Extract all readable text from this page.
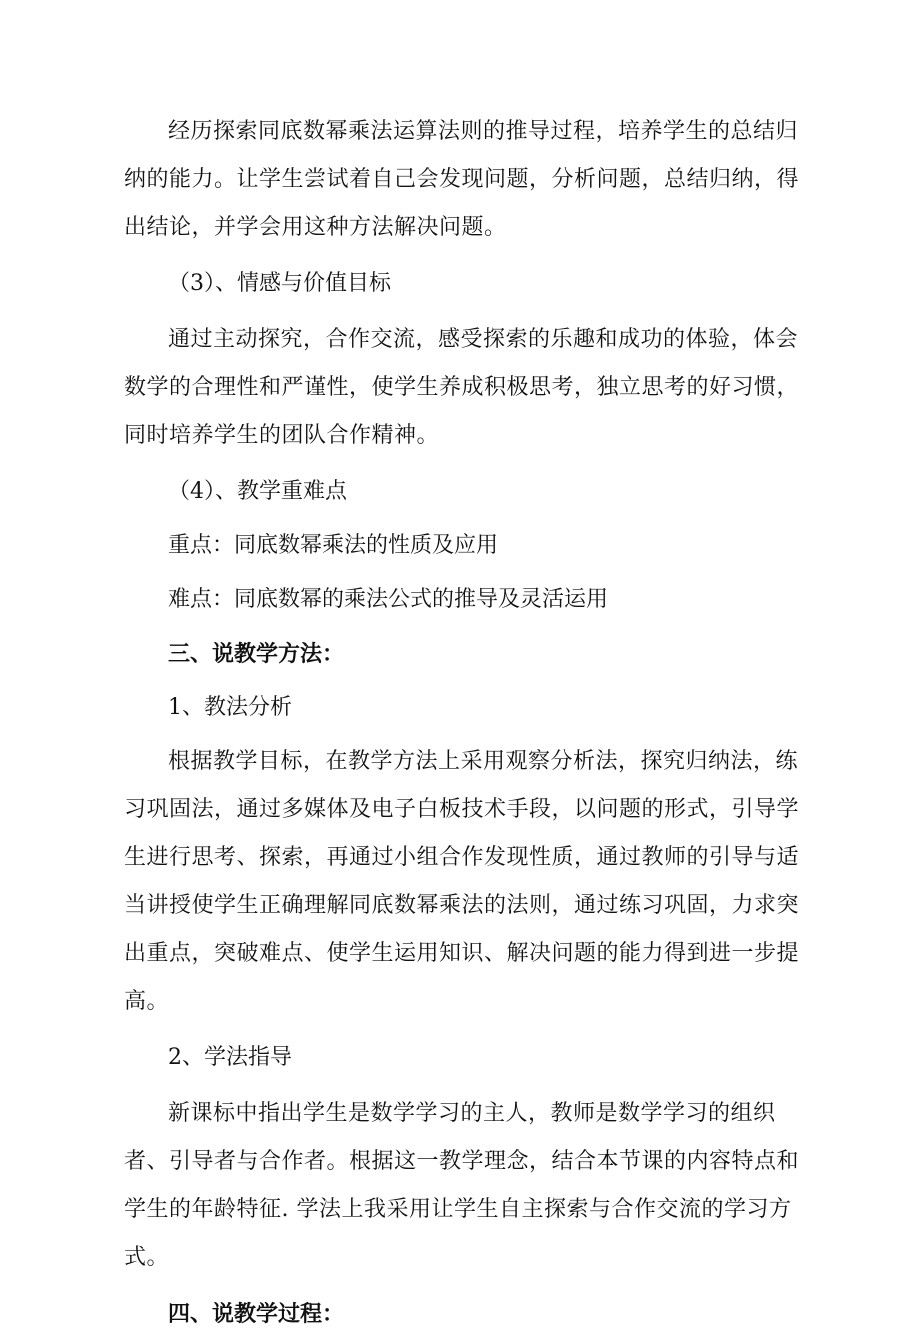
经历探索同底数幂乘法运算法则的推导过程，培养学生的总结归纳的能力。让学生尝试着自己会发现问题，分析问题，总结归纳，得出结论，并学会用这种方法解决问题。

（3）、情感与价值目标

通过主动探究，合作交流，感受探索的乐趣和成功的体验，体会数学的合理性和严谨性，使学生养成积极思考，独立思考的好习惯，同时培养学生的团队合作精神。

（4）、教学重难点

重点：同底数幂乘法的性质及应用

难点：同底数幂的乘法公式的推导及灵活运用

三、说教学方法：

1、教法分析

根据教学目标，在教学方法上采用观察分析法，探究归纳法，练习巩固法，通过多媒体及电子白板技术手段，以问题的形式，引导学生进行思考、探索，再通过小组合作发现性质，通过教师的引导与适当讲授使学生正确理解同底数幂乘法的法则，通过练习巩固，力求突出重点，突破难点、使学生运用知识、解决问题的能力得到进一步提高。

2、学法指导

新课标中指出学生是数学学习的主人，教师是数学学习的组织者、引导者与合作者。根据这一教学理念，结合本节课的内容特点和学生的年龄特征. 学法上我采用让学生自主探索与合作交流的学习方式。

四、说教学过程：
